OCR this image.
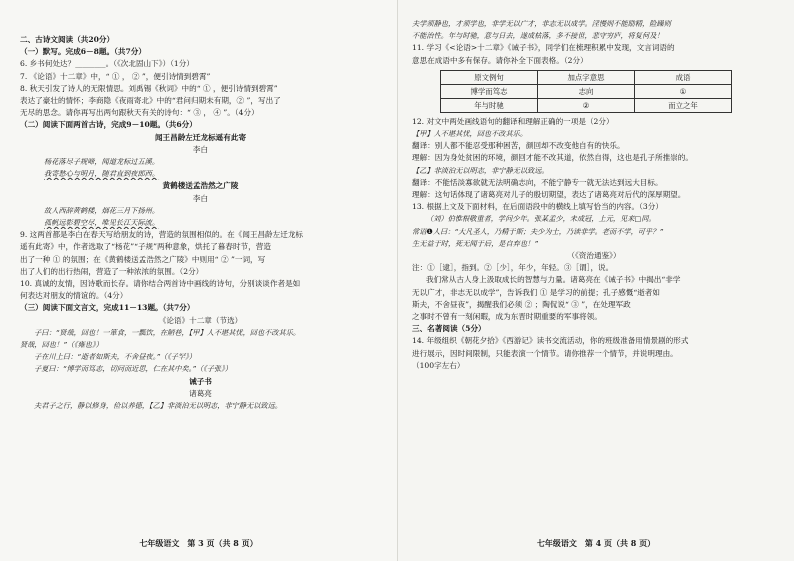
二、古诗文阅读（共20分）
（一）默写。完成6－8题。（共7分）
6. 乡书何处达？________。（《次北固山下》）（1分）
7. 《论语》十二章》中，“ ① ， ② ”，便引诗情到碧霄”
8. 秋天引发了诗人的无限情思。刘禹锡《秋词》中的“ ① ，便引诗情到碧霄”
表达了豪壮的情怀；李商隐《夜雨寄北》中的“君问归期未有期，② ”，写出了
无尽的思念。请你再写出两句跟秋天有关的诗句：“ ③ ， ④ ”。（4分）
（二）阅读下面两首古诗，完成9－10题。（共6分）
闻王昌龄左迁龙标遥有此寄
李白
杨花落尽子规啼，闻道龙标过五溪。
我寄愁心与明月，随君直到夜郎西。
黄鹤楼送孟浩然之广陵
李白
故人西辞黄鹤楼，烟花三月下扬州。
孤帆远影碧空尽，唯见长江天际流。
9. 这两首都是李白在春天写给朋友的诗，营造的氛围相似的。在《闻王昌龄左迁龙标
遥有此寄》中，作者选取了“杨花”“子规”两种意象，烘托了暮春时节，营造
出了一种 ① 的氛围；在《黄鹤楼送孟浩然之广陵》中则用“ ② ”一词，写
出了人们的出行热闹，营造了一种浓浓的氛围。（2分）
10. 真诚的友情，因诗歌而长存。请你结合两首诗中画线的诗句，分别谈谈作者是如
何表达对朋友的情谊的。（4分）
（三）阅读下面文言文，完成11－13题。（共7分）
《论语》十二章（节选）
子曰：“贤哉，回也！一箪食，一瓢饮，在陋巷，【甲】人不堪其忧，回也不改其乐。
贤哉，回也！”（《雍也》）
子在川上曰：“逝者如斯夫，不舍昼夜。”（《子罕》）
子夏曰：“博学而笃志，切问而近思，仁在其中矣。”（《子张》）
诫子书
诸葛亮
夫君子之行，静以修身，俭以养德，【乙】非淡泊无以明志，非宁静无以致远。
七年级语文　第 3 页（共 8 页）
夫学须静也，才须学也，非学无以广才，非志无以成学。淫慢则不能励精，险躁则
不能治性。年与时驰，意与日去，遂成枯落，多不接世，悲守穷庐，将复何及！
11. 学习《<论语>十二章》《诫子书》，同学们在梳理积累中发现，文言词语的
意思在成语中多有保存。请你补全下面表格。（2分）
原文例句	加点字意思	成语
博学而笃志	志向	①
年与时驰	②	而立之年
12. 对文中两处画线语句的翻译和理解正确的一项是（2分）
【甲】人不堪其忧，回也不改其乐。
翻译：别人都不能忍受那种困苦，颜回却不改变他自有的快乐。
理解：因为身处贫困的环境，颜回才能不改其道，依然自得，这也是孔子所推崇的。
【乙】非淡泊无以明志，非宁静无以致远。
翻译：不能恬淡寡欲就无法明确志向，不能宁静专一就无法达到远大目标。
理解：这句话体现了诸葛亮对儿子的殷切期望，表达了诸葛亮对后代的深厚期望。
13. 根据上文及下面材料，在后面语段中的横线上填写恰当的内容。（3分）
（刘）伯惟根敬重者，学问少年。张某孟少，未成冠，上元，见来□同。
常语❶人曰：“大凡圣人，乃精于斯；夫少为士，乃读非学。老而不学，可乎？”
生无益于时，死无闻于后，是自弃也！”
（《资治通鉴》）
注：①［逮］，指到。②［少］，年少，年轻。③［谓］，说。
我们常从古人身上汲取成长的智慧与力量。诸葛亮在《诫子书》中揭出“非学
无以广才，非志无以成学”，告诉我们 ① 是学习的前提；孔子感慨“逝者如
斯夫，不舍昼夜”，揭醒我们必须 ② ；陶侃说“ ③ ”，在处理军政
之事时不曾有一刻闲暇，成为东晋时期重要的军事将领。
三、名著阅读（5分）
14. 年级组织《朝花夕拾》《西游记》读书交流活动，你的班级准备用情景剧的形式
进行展示，因时间限制，只能表演一个情节。请你推荐一个情节，并说明理由。
（100字左右）
七年级语文　第 4 页（共 8 页）
